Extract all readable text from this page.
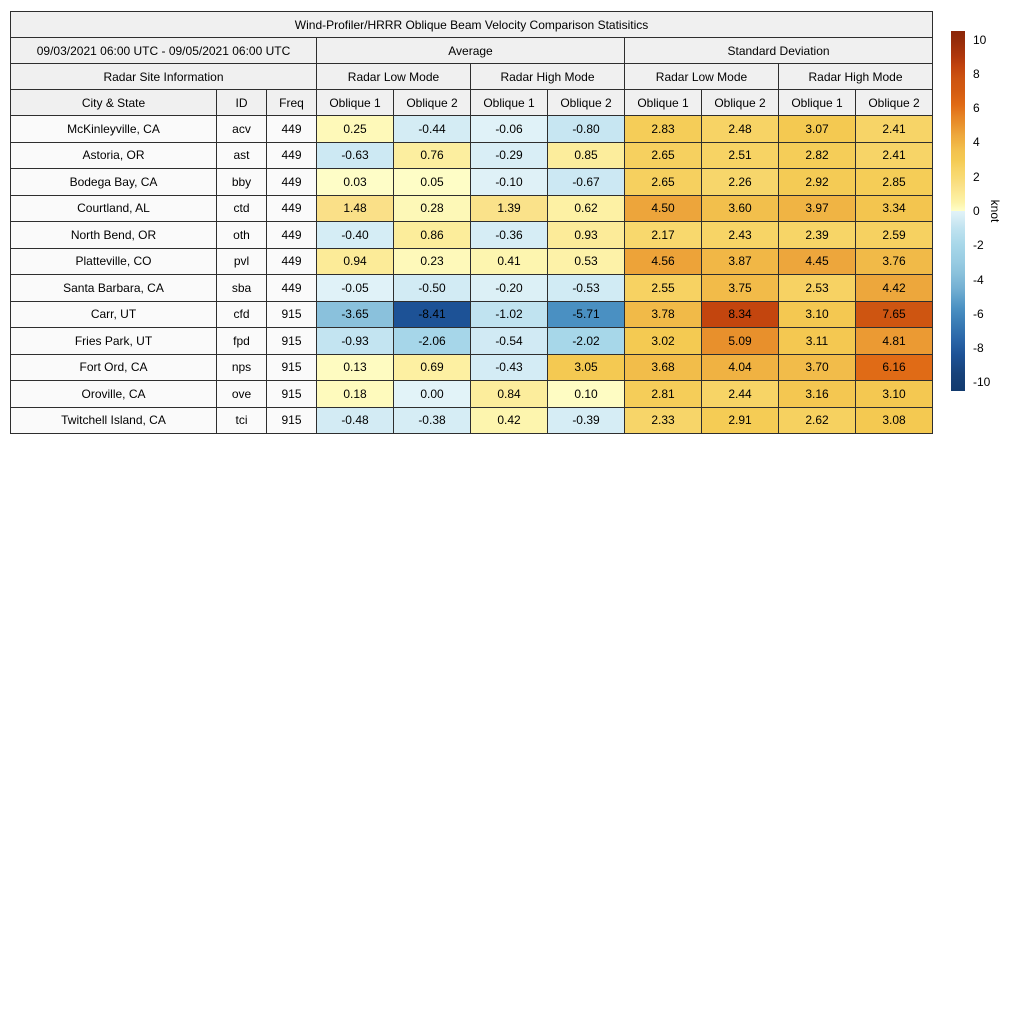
Wind-Profiler/HRRR Oblique Beam Velocity Comparison Statisitics										
09/03/2021 06:00 UTC - 09/05/2021 06:00 UTC			Average				Standard Deviation			
Radar Site Information			Radar Low Mode		Radar High Mode		Radar Low Mode		Radar High Mode	
City & State	ID	Freq	Oblique 1	Oblique 2	Oblique 1	Oblique 2	Oblique 1	Oblique 2	Oblique 1	Oblique 2
McKinleyville, CA	acv	449	0.25	-0.44	-0.06	-0.80	2.83	2.48	3.07	2.41
Astoria, OR	ast	449	-0.63	0.76	-0.29	0.85	2.65	2.51	2.82	2.41
Bodega Bay, CA	bby	449	0.03	0.05	-0.10	-0.67	2.65	2.26	2.92	2.85
Courtland, AL	ctd	449	1.48	0.28	1.39	0.62	4.50	3.60	3.97	3.34
North Bend, OR	oth	449	-0.40	0.86	-0.36	0.93	2.17	2.43	2.39	2.59
Platteville, CO	pvl	449	0.94	0.23	0.41	0.53	4.56	3.87	4.45	3.76
Santa Barbara, CA	sba	449	-0.05	-0.50	-0.20	-0.53	2.55	3.75	2.53	4.42
Carr, UT	cfd	915	-3.65	-8.41	-1.02	-5.71	3.78	8.34	3.10	7.65
Fries Park, UT	fpd	915	-0.93	-2.06	-0.54	-2.02	3.02	5.09	3.11	4.81
Fort Ord, CA	nps	915	0.13	0.69	-0.43	3.05	3.68	4.04	3.70	6.16
Oroville, CA	ove	915	0.18	0.00	0.84	0.10	2.81	2.44	3.16	3.10
Twitchell Island, CA	tci	915	-0.48	-0.38	0.42	-0.39	2.33	2.91	2.62	3.08
10
8
6
4
2
0
-2
-4
-6
-8
-10
knot
